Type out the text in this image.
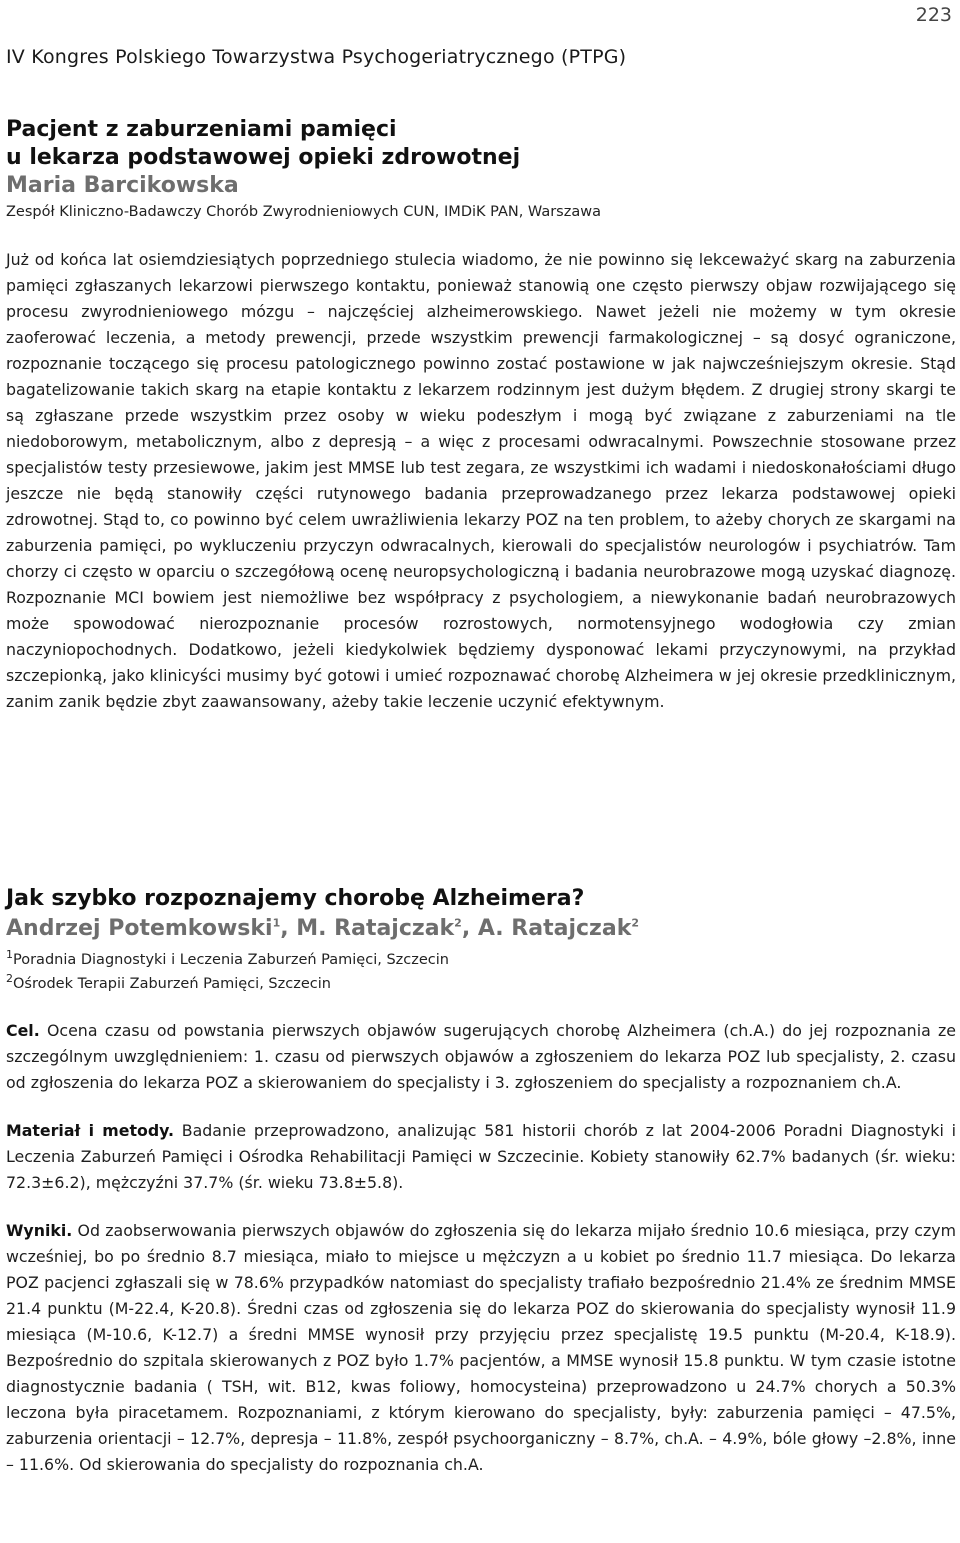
223
IV Kongres Polskiego Towarzystwa Psychogeriatrycznego (PTPG)

Pacjent z zaburzeniami pamięci

u lekarza podstawowej opieki zdrowotnej

Maria Barcikowska

Zespół Kliniczno-Badawczy Chorób Zwyrodnieniowych CUN, IMDiK PAN, Warszawa

Już od końca lat osiemdziesiątych poprzedniego stulecia wiadomo, że nie powinno się lekceważyć skarg na zaburzenia pamięci zgłaszanych lekarzowi pierwszego kontaktu, ponieważ stanowią one często pierwszy objaw rozwijającego się procesu zwyrodnieniowego mózgu – najczęściej alzheimerowskiego. Nawet jeżeli nie możemy w tym okresie zaoferować leczenia, a metody prewencji, przede wszystkim prewencji farmakologicznej – są dosyć ograniczone, rozpoznanie toczącego się procesu patologicznego powinno zostać postawione w jak najwcześniejszym okresie. Stąd bagatelizowanie takich skarg na etapie kontaktu z lekarzem rodzinnym jest dużym błędem. Z drugiej strony skargi te są zgłaszane przede wszystkim przez osoby w wieku podeszłym i mogą być związane z zaburzeniami na tle niedoborowym, metabolicznym, albo z depresją – a więc z procesami odwracalnymi. Powszechnie stosowane przez specjalistów testy przesiewowe, jakim jest MMSE lub test zegara, ze wszystkimi ich wadami i niedoskonałościami długo jeszcze nie będą stanowiły części rutynowego badania przeprowadzanego przez lekarza podstawowej opieki zdrowotnej. Stąd to, co powinno być celem uwrażliwienia lekarzy POZ na ten problem, to ażeby chorych ze skargami na zaburzenia pamięci, po wykluczeniu przyczyn odwracalnych, kierowali do specjalistów neurologów i psychiatrów. Tam chorzy ci często w oparciu o szczegółową ocenę neuropsychologiczną i badania neurobrazowe mogą uzyskać diagnozę. Rozpoznanie MCI bowiem jest niemożliwe bez współpracy z psychologiem, a niewykonanie badań neurobrazowych może spowodować nierozpoznanie procesów rozrostowych, normotensyjnego wodogłowia czy zmian naczyniopochodnych. Dodatkowo, jeżeli kiedykolwiek będziemy dysponować lekami przyczynowymi, na przykład szczepionką, jako klinicyści musimy być gotowi i umieć rozpoznawać chorobę Alzheimera w jej okresie przedklinicznym, zanim zanik będzie zbyt zaawansowany, ażeby takie leczenie uczynić efektywnym.

Jak szybko rozpoznajemy chorobę Alzheimera?

Andrzej Potemkowski$^1$, M. Ratajczak$^2$, A. Ratajczak$^2$

$^1$Poradnia Diagnostyki i Leczenia Zaburzeń Pamięci, Szczecin

$^2$Ośrodek Terapii Zaburzeń Pamięci, Szczecin

Cel. Ocena czasu od powstania pierwszych objawów sugerujących chorobę Alzheimera (ch.A.) do jej rozpoznania ze szczególnym uwzględnieniem: 1. czasu od pierwszych objawów a zgłoszeniem do lekarza POZ lub specjalisty, 2. czasu od zgłoszenia do lekarza POZ a skierowaniem do specjalisty i 3. zgłoszeniem do specjalisty a rozpoznaniem ch.A.

Materiał i metody. Badanie przeprowadzono, analizując 581 historii chorób z lat 2004-2006 Poradni Diagnostyki i Leczenia Zaburzeń Pamięci i Ośrodka Rehabilitacji Pamięci w Szczecinie. Kobiety stanowiły 62.7% badanych (śr. wieku: 72.3±6.2), mężczyźni 37.7% (śr. wieku 73.8±5.8).

Wyniki. Od zaobserwowania pierwszych objawów do zgłoszenia się do lekarza mijało średnio 10.6 miesiąca, przy czym wcześniej, bo po średnio 8.7 miesiąca, miało to miejsce u mężczyzn a u kobiet po średnio 11.7 miesiąca. Do lekarza POZ pacjenci zgłaszali się w 78.6% przypadków natomiast do specjalisty trafiało bezpośrednio 21.4% ze średnim MMSE 21.4 punktu (M-22.4, K-20.8). Średni czas od zgłoszenia się do lekarza POZ do skierowania do specjalisty wynosił 11.9 miesiąca (M-10.6, K-12.7) a średni MMSE wynosił przy przyjęciu przez specjalistę 19.5 punktu (M-20.4, K-18.9). Bezpośrednio do szpitala skierowanych z POZ było 1.7% pacjentów, a MMSE wynosił 15.8 punktu. W tym czasie istotne diagnostycznie badania ( TSH, wit. B12, kwas foliowy, homocysteina) przeprowadzono u 24.7% chorych a 50.3% leczona była piracetamem. Rozpoznaniami, z którym kierowano do specjalisty, były: zaburzenia pamięci – 47.5%, zaburzenia orientacji – 12.7%, depresja – 11.8%, zespół psychoorganiczny – 8.7%, ch.A. – 4.9%, bóle głowy –2.8%, inne – 11.6%. Od skierowania do specjalisty do rozpoznania ch.A.
